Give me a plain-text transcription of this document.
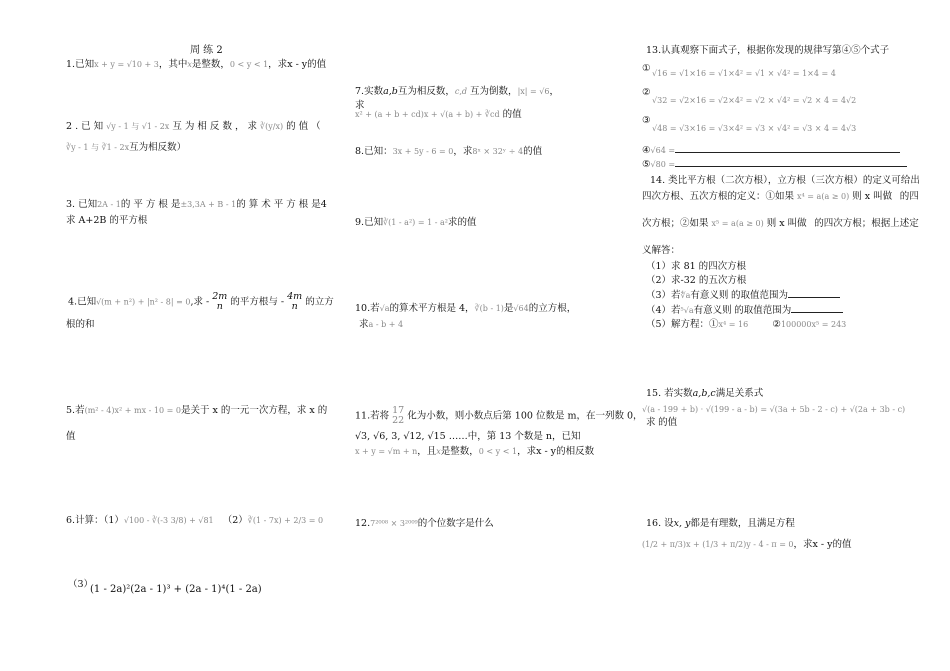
周 练 2
1.已知x + y = √10 + 3，其中x是整数，0 < y < 1，求x - y的值
2 . 已 知 √y - 1 与 √1 - 2x 互 为 相 反 数 ， 求 ∛(y/x) 的 值 （
∛y - 1 与 ∛1 - 2x互为相反数）
3. 已知2A - 1的 平 方 根 是±3,3A + B - 1的 算 术 平 方 根 是4
求 A+2B 的平方根
4.已知√(m + n²) + |n² - 8| = 0,求 - 2m
n 的平方根与 - 4m
n 的立方
根的和
5.若(m² - 4)x² + mx - 10 = 0是关于 x 的一元一次方程，求 x 的
值
6.计算：（1）√100 - ∛(-3 3/8) + √81 （2）∛(1 - 7x) + 2/3 = 0
（3）
(1 - 2a)²(2a - 1)³ + (2a - 1)⁴(1 - 2a)
7.实数a,b互为相反数，c,d 互为倒数，|x| = √6，
求
x² + (a + b + cd)x + √(a + b) + ∛cd 的值
8.已知：3x + 5y - 6 = 0，求8ˣ × 32ʸ ÷ 4的值
9.已知∛(1 - a²) = 1 - a²求的值
10.若√a的算术平方根是 4，∛(b - 1)是√64的立方根，
求a - b + 4
11.若将 17
22 化为小数，则小数点后第 100 位数是 m，在一列数 0，
√3, √6, 3, √12, √15 ……中，第 13 个数是 n，已知
x + y = √m + n，且x是整数，0 < y < 1，求x - y的相反数
12.7²⁰⁰⁸ × 3²⁰⁰⁹的个位数字是什么
13.认真观察下面式子，根据你发现的规律写第④⑤个式子
① √16 = √1×16 = √1×4² = √1 × √4² = 1×4 = 4
②
√32 = √2×16 = √2×4² = √2 × √4² = √2 × 4 = 4√2
③
√48 = √3×16 = √3×4² = √3 × √4² = √3 × 4 = 4√3
④√64 =
⑤√80 =
14. 类比平方根（二次方根），立方根（三次方根）的定义可给出
四次方根、五次方根的定义：①如果 x⁴ = a(a ≥ 0) 则 x 叫做 的四
次方根；②如果 x⁵ = a(a ≥ 0) 则 x 叫做 的四次方根；根据上述定
义解答：
（1）求 81 的四次方根
（2）求-32 的五次方根
（3）若∜a有意义则 的取值范围为
（4）若⁵√a有意义则 的取值范围为
（5）解方程：①x⁴ = 16	②100000x⁵ = 243
15. 若实数a,b,c满足关系式
√(a - 199 + b) · √(199 - a - b) = √(3a + 5b - 2 - c) + √(2a + 3b - c)
求 的值
16. 设x, y都是有理数，且满足方程
(1/2 + π/3)x + (1/3 + π/2)y - 4 - π = 0，求x - y的值
